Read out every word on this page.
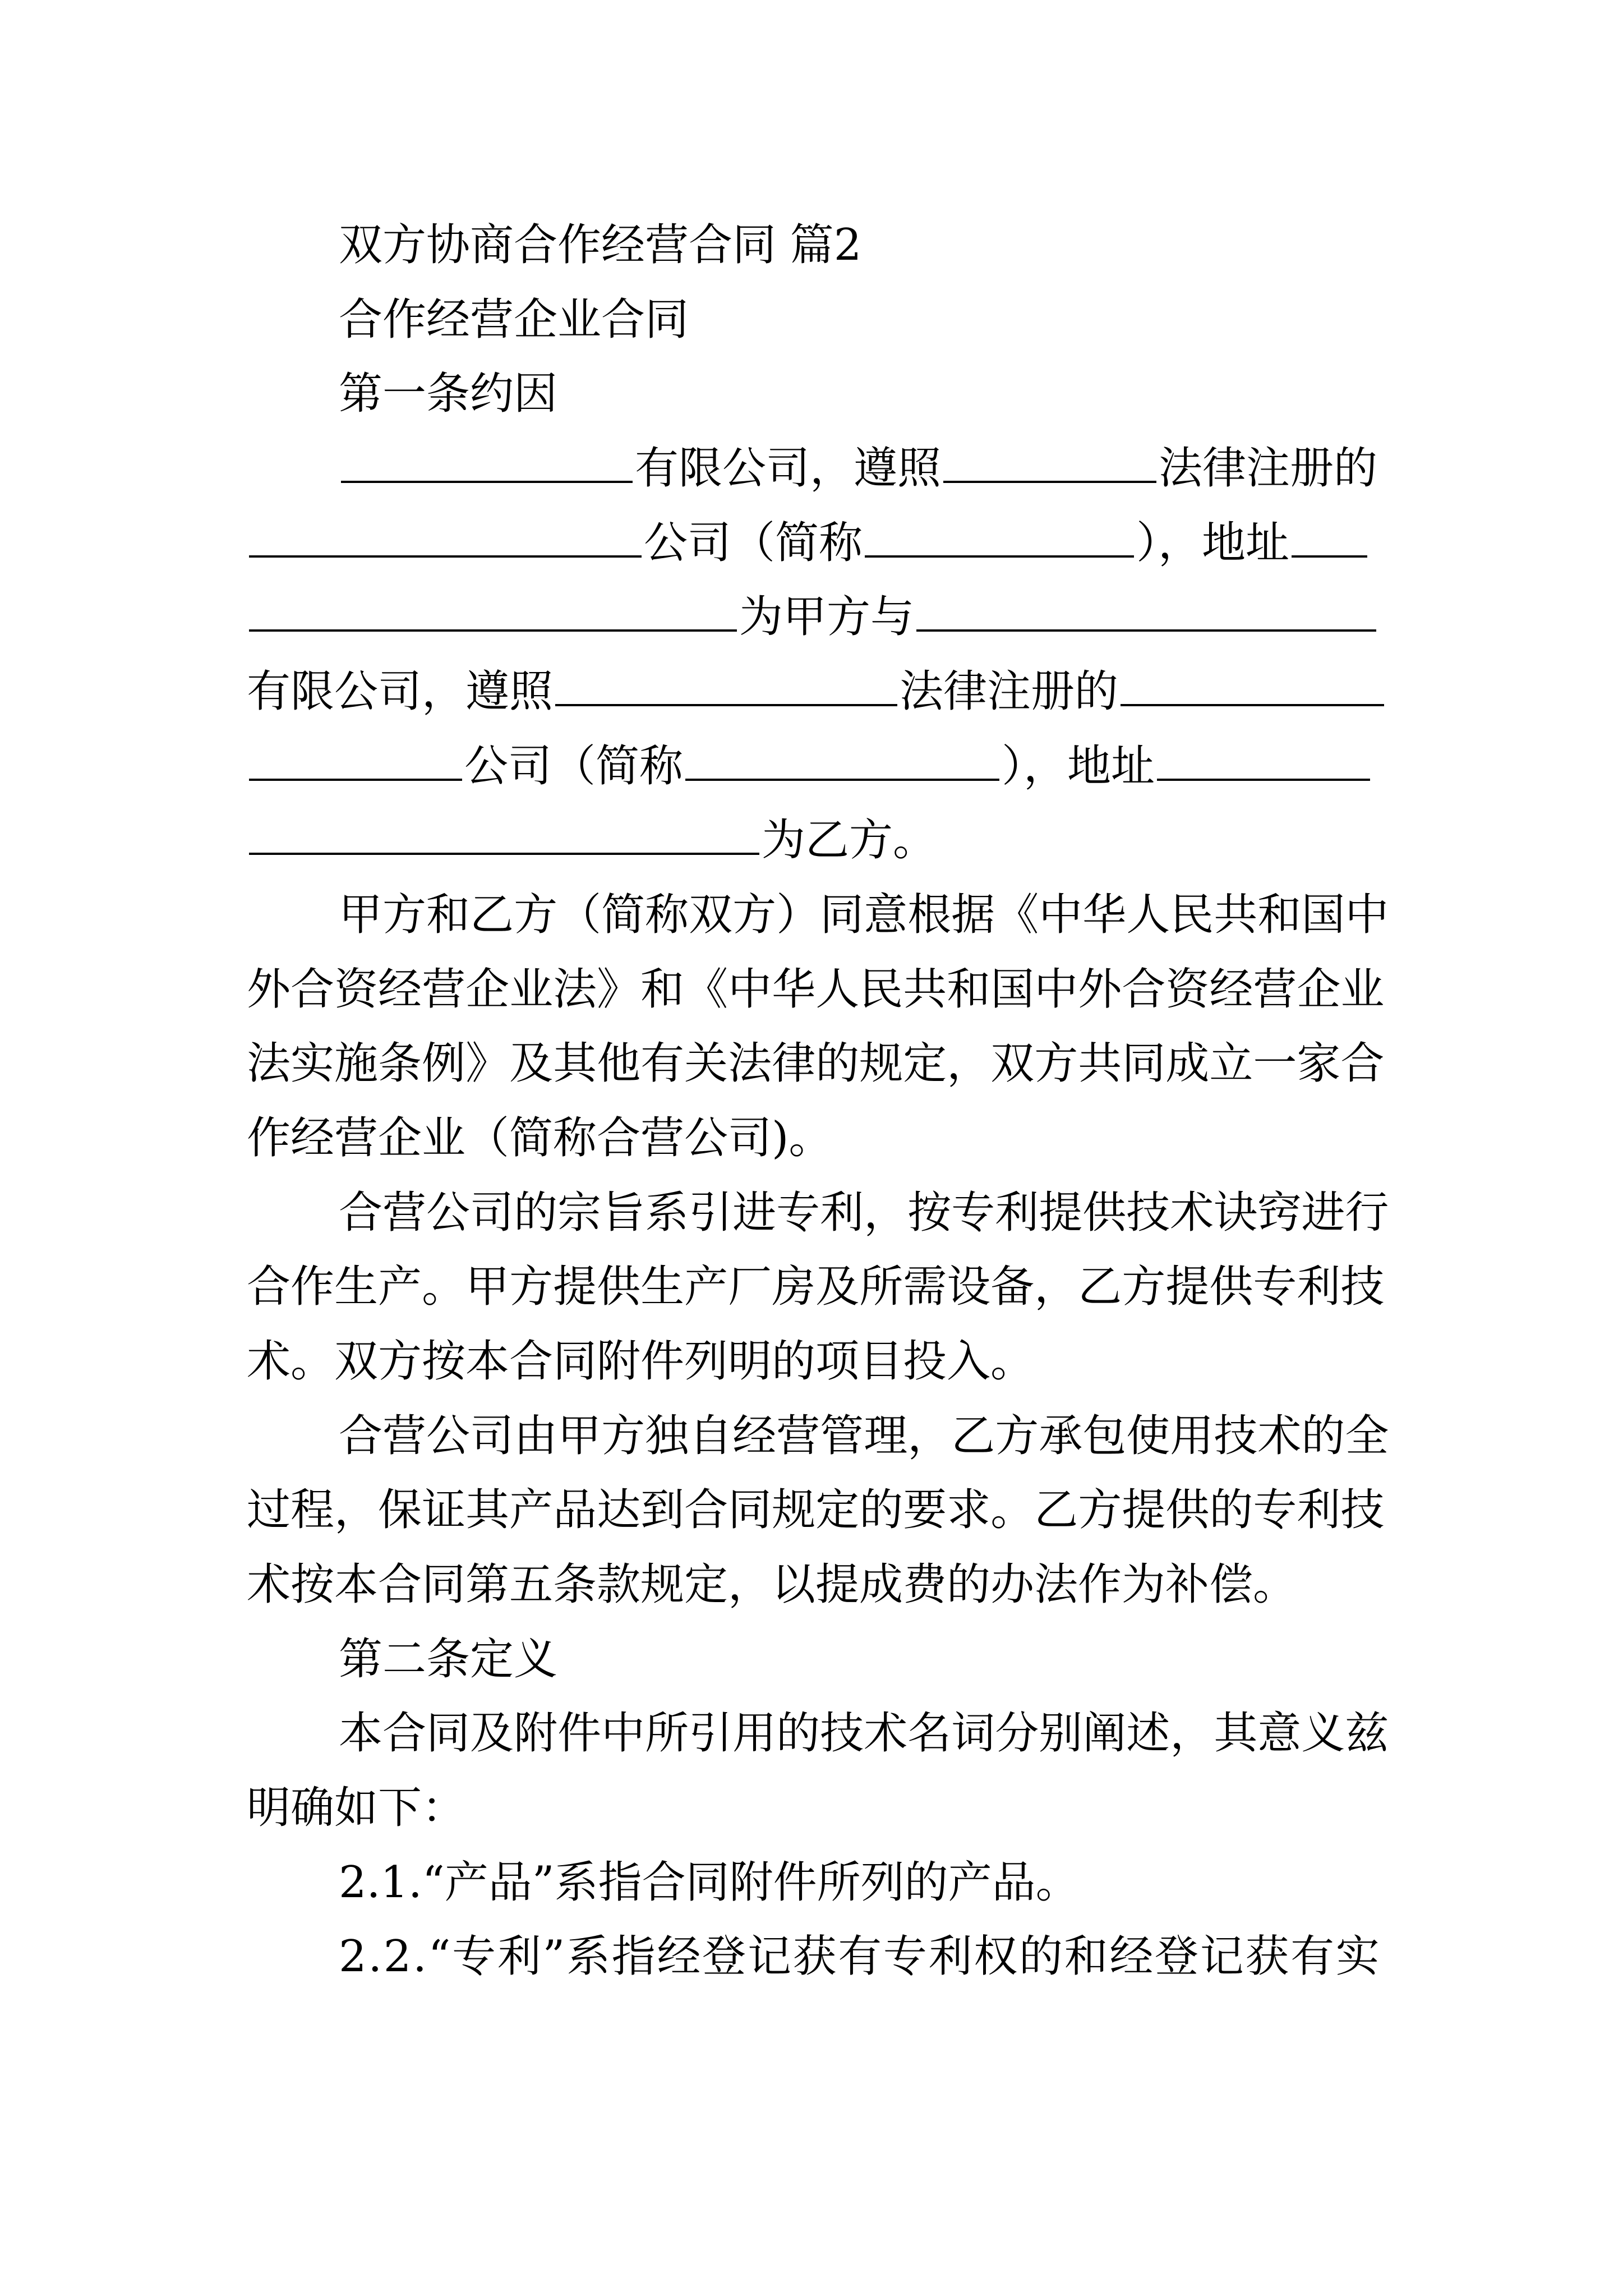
双方协商合作经营合同 篇2
合作经营企业合同
第一条约因
有限公司，遵照	法律注册的
公司（简称	），地址
为甲方与
有限公司，遵照	法律注册的
公司（简称	），地址
为乙方。
甲 方 和 乙 方 （ 简 称 双 方 ） 同 意 根 据 《 中 华 人 民 共 和 国 中
外 合 资 经 营 企 业 法 》 和 《 中 华 人 民 共 和 国 中 外 合 资 经 营 企 业
法 实 施 条 例 》 及 其 他 有 关 法 律 的 规 定 ， 双 方 共 同 成 立 一 家 合
作经营企业（简称合营公司)。
合 营 公 司 的 宗 旨 系 引 进 专 利 ， 按 专 利 提 供 技 术 诀 窍 进 行
合 作 生 产 。 甲 方 提 供 生 产 厂 房 及 所 需 设 备 ， 乙 方 提 供 专 利 技
术。双方按本合同附件列明的项目投入。
合 营 公 司 由 甲 方 独 自 经 营 管 理 ， 乙 方 承 包 使 用 技 术 的 全
过 程 ， 保 证 其 产 品 达 到 合 同 规 定 的 要 求 。 乙 方 提 供 的 专 利 技
术按本合同第五条款规定，以提成费的办法作为补偿。
第二条定义
本 合 同 及 附 件 中 所 引 用 的 技 术 名 词 分 别 阐 述 ， 其 意 义 兹
明确如下：
2.1.“产品”系指合同附件所列的产品。
2 . 2 . “ 专 利 ” 系 指 经 登 记 获 有 专 利 权 的 和 经 登 记 获 有 实
